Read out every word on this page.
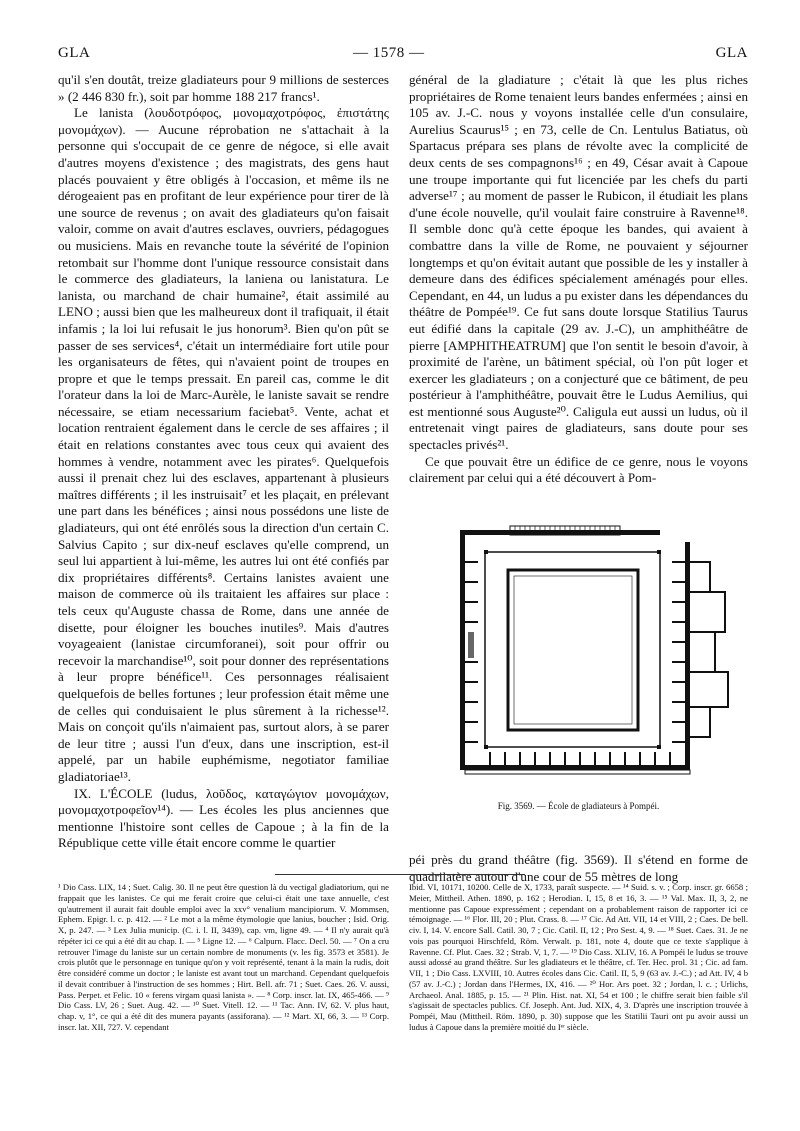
GLA	— 1578 —	GLA

qu'il s'en doutât, treize gladiateurs pour 9 millions de sesterces » (2 446 830 fr.), soit par homme 188 217 francs¹.

Le lanista (λουδοτρόφος, μονομαχοτρόφος, ἐπιστάτης μονομάχων). — Aucune réprobation ne s'attachait à la personne qui s'occupait de ce genre de négoce, si elle avait d'autres moyens d'existence ; des magistrats, des gens haut placés pouvaient y être obligés à l'occasion, et même ils ne dérogeaient pas en profitant de leur expérience pour tirer de là une source de revenus ; on avait des gladiateurs qu'on faisait valoir, comme on avait d'autres esclaves, ouvriers, pédagogues ou musiciens. Mais en revanche toute la sévérité de l'opinion retombait sur l'homme dont l'unique ressource consistait dans le commerce des gladiateurs, la laniena ou lanistatura. Le lanista, ou marchand de chair humaine², était assimilé au LENO ; aussi bien que les malheureux dont il trafiquait, il était infamis ; la loi lui refusait le jus honorum³. Bien qu'on pût se passer de ses services⁴, c'était un intermédiaire fort utile pour les organisateurs de fêtes, qui n'avaient point de troupes en propre et que le temps pressait. En pareil cas, comme le dit l'orateur dans la loi de Marc-Aurèle, le laniste savait se rendre nécessaire, se etiam necessarium faciebat⁵. Vente, achat et location rentraient également dans le cercle de ses affaires ; il était en relations constantes avec tous ceux qui avaient des hommes à vendre, notamment avec les pirates⁶. Quelquefois aussi il prenait chez lui des esclaves, appartenant à plusieurs maîtres différents ; il les instruisait⁷ et les plaçait, en prélevant une part dans les bénéfices ; ainsi nous possédons une liste de gladiateurs, qui ont été enrôlés sous la direction d'un certain C. Salvius Capito ; sur dix-neuf esclaves qu'elle comprend, un seul lui appartient à lui-même, les autres lui ont été confiés par dix propriétaires différents⁸. Certains lanistes avaient une maison de commerce où ils traitaient les affaires sur place : tels ceux qu'Auguste chassa de Rome, dans une année de disette, pour éloigner les bouches inutiles⁹. Mais d'autres voyageaient (lanistae circumforanei), soit pour offrir ou recevoir la marchandise¹⁰, soit pour donner des représentations à leur propre bénéfice¹¹. Ces personnages réalisaient quelquefois de belles fortunes ; leur profession était même une de celles qui conduisaient le plus sûrement à la richesse¹². Mais on conçoit qu'ils n'aimaient pas, surtout alors, à se parer de leur titre ; aussi l'un d'eux, dans une inscription, est-il appelé, par un habile euphémisme, negotiator familiae gladiatoriae¹³.

IX. L'ÉCOLE (ludus, λοῦδος, καταγώγιον μονομάχων, μονομαχοτροφεῖον¹⁴). — Les écoles les plus anciennes que mentionne l'histoire sont celles de Capoue ; à la fin de la République cette ville était encore comme le quartier

général de la gladiature ; c'était là que les plus riches propriétaires de Rome tenaient leurs bandes enfermées ; ainsi en 105 av. J.-C. nous y voyons installée celle d'un consulaire, Aurelius Scaurus¹⁵ ; en 73, celle de Cn. Lentulus Batiatus, où Spartacus prépara ses plans de révolte avec la complicité de deux cents de ses compagnons¹⁶ ; en 49, César avait à Capoue une troupe importante qui fut licenciée par les chefs du parti adverse¹⁷ ; au moment de passer le Rubicon, il étudiait les plans d'une école nouvelle, qu'il voulait faire construire à Ravenne¹⁸. Il semble donc qu'à cette époque les bandes, qui avaient à combattre dans la ville de Rome, ne pouvaient y séjourner longtemps et qu'on évitait autant que possible de les y installer à demeure dans des édifices spécialement aménagés pour elles. Cependant, en 44, un ludus a pu exister dans les dépendances du théâtre de Pompée¹⁹. Ce fut sans doute lorsque Statilius Taurus eut édifié dans la capitale (29 av. J.-C), un amphithéâtre de pierre [AMPHITHEATRUM] que l'on sentit le besoin d'avoir, à proximité de l'arène, un bâtiment spécial, où l'on pût loger et exercer les gladiateurs ; on a conjecturé que ce bâtiment, de peu postérieur à l'amphithéâtre, pouvait être le Ludus Aemilius, qui est mentionné sous Auguste²⁰. Caligula eut aussi un ludus, où il entretenait vingt paires de gladiateurs, sans doute pour ses spectacles privés²¹.

Ce que pouvait être un édifice de ce genre, nous le voyons clairement par celui qui a été découvert à Pom-

Fig. 3569. — École de gladiateurs à Pompéi.

péi près du grand théâtre (fig. 3569). Il s'étend en forme de quadrilatère autour d'une cour de 55 mètres de long

¹ Dio Cass. LIX, 14 ; Suet. Calig. 30. Il ne peut être question là du vectigal gladiatorium, qui ne frappait que les lanistes. Ce qui me ferait croire que celui-ci était une taxe annuelle, c'est qu'autrement il aurait fait double emploi avec la xxv° venalium mancipiorum. V. Mommsen, Ephem. Epigr. l. c. p. 412. — ² Le mot a la même étymologie que lanius, boucher ; Isid. Orig. X, p. 247. — ³ Lex Julia municip. (C. i. l. II, 3439), cap. vm, ligne 49. — ⁴ Il n'y aurait qu'à répéter ici ce qui a été dit au chap. I. — ⁵ Ligne 12. — ⁶ Calpurn. Flacc. Decl. 50. — ⁷ On a cru retrouver l'image du laniste sur un certain nombre de monuments (v. les fig. 3573 et 3581). Je crois plutôt que le personnage en tunique qu'on y voit représenté, tenant à la main la rudis, doit être considéré comme un doctor ; le laniste est avant tout un marchand. Cependant quelquefois il devait contribuer à l'instruction de ses hommes ; Hirt. Bell. afr. 71 ; Suet. Caes. 26. V. aussi, Pass. Perpet. et Felic. 10 « ferens virgam quasi lanista ». — ⁸ Corp. inscr. lat. IX, 465-466. — ⁹ Dio Cass. LV, 26 ; Suet. Aug. 42. — ¹⁰ Suet. Vitell. 12. — ¹¹ Tac. Ann. IV, 62. V. plus haut, chap. v, 1°, ce qui a été dit des munera payants (assiforana). — ¹² Mart. XI, 66, 3. — ¹³ Corp. inscr. lat. XII, 727. V. cependant

Ibid. VI, 10171, 10200. Celle de X, 1733, paraît suspecte. — ¹⁴ Suid. s. v. ; Corp. inscr. gr. 6658 ; Meier, Mittheil. Athen. 1890, p. 162 ; Herodian. I, 15, 8 et 16, 3. — ¹⁵ Val. Max. II, 3, 2, ne mentionne pas Capoue expressément ; cependant on a probablement raison de rapporter ici ce témoignage. — ¹⁶ Flor. III, 20 ; Plut. Crass. 8. — ¹⁷ Cic. Ad Att. VII, 14 et VIII, 2 ; Caes. De bell. civ. I, 14. V. encore Sall. Catil. 30, 7 ; Cic. Catil. II, 12 ; Pro Sest. 4, 9. — ¹⁸ Suet. Caes. 31. Je ne vois pas pourquoi Hirschfeld, Röm. Verwalt. p. 181, note 4, doute que ce texte s'applique à Ravenne. Cf. Plut. Caes. 32 ; Strab. V, 1, 7. — ¹⁹ Dio Cass. XLIV, 16. A Pompéi le ludus se trouve aussi adossé au grand théâtre. Sur les gladiateurs et le théâtre, cf. Ter. Hec. prol. 31 ; Cic. ad fam. VII, 1 ; Dio Cass. LXVIII, 10. Autres écoles dans Cic. Catil. II, 5, 9 (63 av. J.-C.) ; ad Att. IV, 4 b (57 av. J.-C.) ; Jordan dans l'Hermes, IX, 416. — ²⁰ Hor. Ars poet. 32 ; Jordan, l. c. ; Urlichs, Archaeol. Anal. 1885, p. 15. — ²¹ Plin. Hist. nat. XI, 54 et 100 ; le chiffre serait bien faible s'il s'agissait de spectacles publics. Cf. Joseph. Ant. Jud. XIX, 4, 3. D'après une inscription trouvée à Pompéi, Mau (Mittheil. Röm. 1890, p. 30) suppose que les Statilii Tauri ont pu avoir aussi un ludus à Capoue dans la première moitié du Iᵉʳ siècle.
